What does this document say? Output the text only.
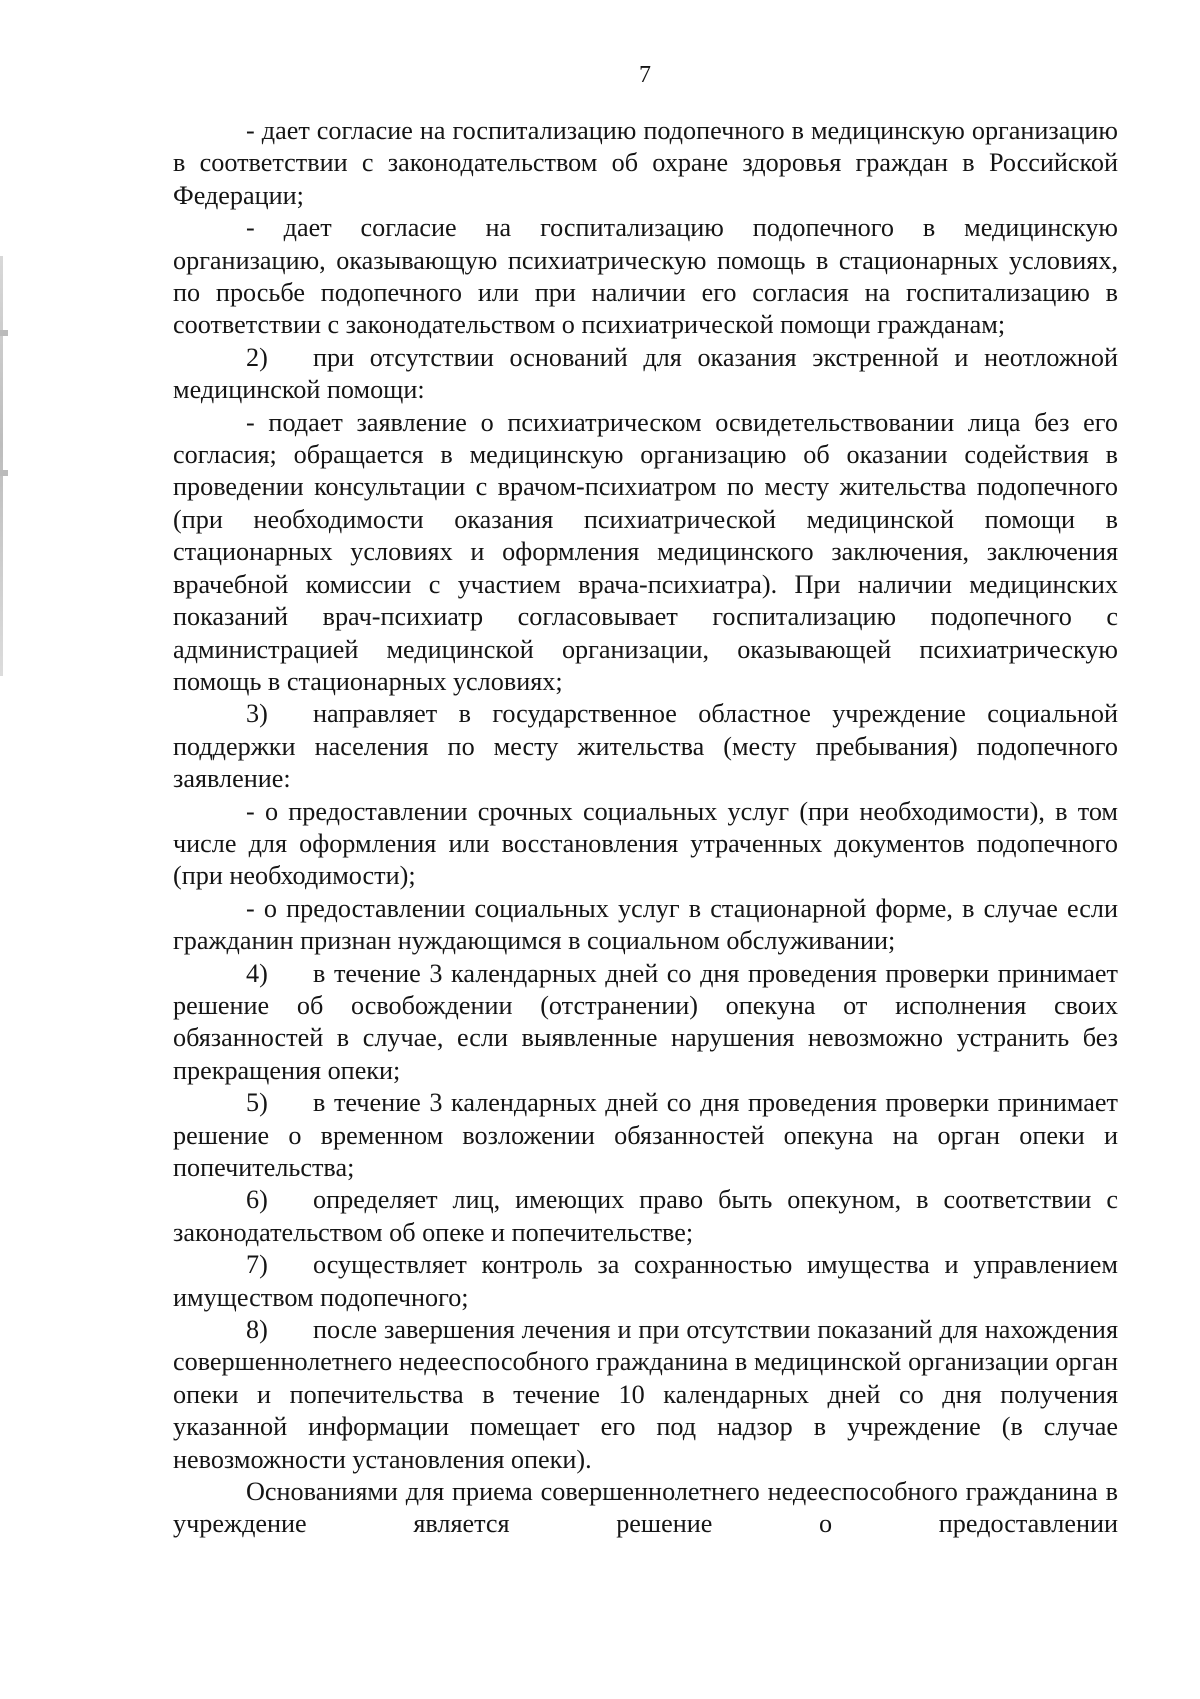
7

- дает согласие на госпитализацию подопечного в медицинскую организацию в соответствии с законодательством об охране здоровья граждан в Российской Федерации;

- дает согласие на госпитализацию подопечного в медицинскую организацию, оказывающую психиатрическую помощь в стационарных условиях, по просьбе подопечного или при наличии его согласия на госпитализацию в соответствии с законодательством о психиатрической помощи гражданам;

2) при отсутствии оснований для оказания экстренной и неотложной медицинской помощи:

- подает заявление о психиатрическом освидетельствовании лица без его согласия; обращается в медицинскую организацию об оказании содействия в проведении консультации с врачом-психиатром по месту жительства подопечного (при необходимости оказания психиатрической медицинской помощи в стационарных условиях и оформления медицинского заключения, заключения врачебной комиссии с участием врача-психиатра). При наличии медицинских показаний врач-психиатр согласовывает госпитализацию подопечного с администрацией медицинской организации, оказывающей психиатрическую помощь в стационарных условиях;

3) направляет в государственное областное учреждение социальной поддержки населения по месту жительства (месту пребывания) подопечного заявление:

- о предоставлении срочных социальных услуг (при необходимости), в том числе для оформления или восстановления утраченных документов подопечного (при необходимости);

- о предоставлении социальных услуг в стационарной форме, в случае если гражданин признан нуждающимся в социальном обслуживании;

4) в течение 3 календарных дней со дня проведения проверки принимает решение об освобождении (отстранении) опекуна от исполнения своих обязанностей в случае, если выявленные нарушения невозможно устранить без прекращения опеки;

5) в течение 3 календарных дней со дня проведения проверки принимает решение о временном возложении обязанностей опекуна на орган опеки и попечительства;

6) определяет лиц, имеющих право быть опекуном, в соответствии с законодательством об опеке и попечительстве;

7) осуществляет контроль за сохранностью имущества и управлением имуществом подопечного;

8) после завершения лечения и при отсутствии показаний для нахождения совершеннолетнего недееспособного гражданина в медицинской организации орган опеки и попечительства в течение 10 календарных дней со дня получения указанной информации помещает его под надзор в учреждение (в случае невозможности установления опеки).

Основаниями для приема совершеннолетнего недееспособного гражданина в учреждение является решение о предоставлении
